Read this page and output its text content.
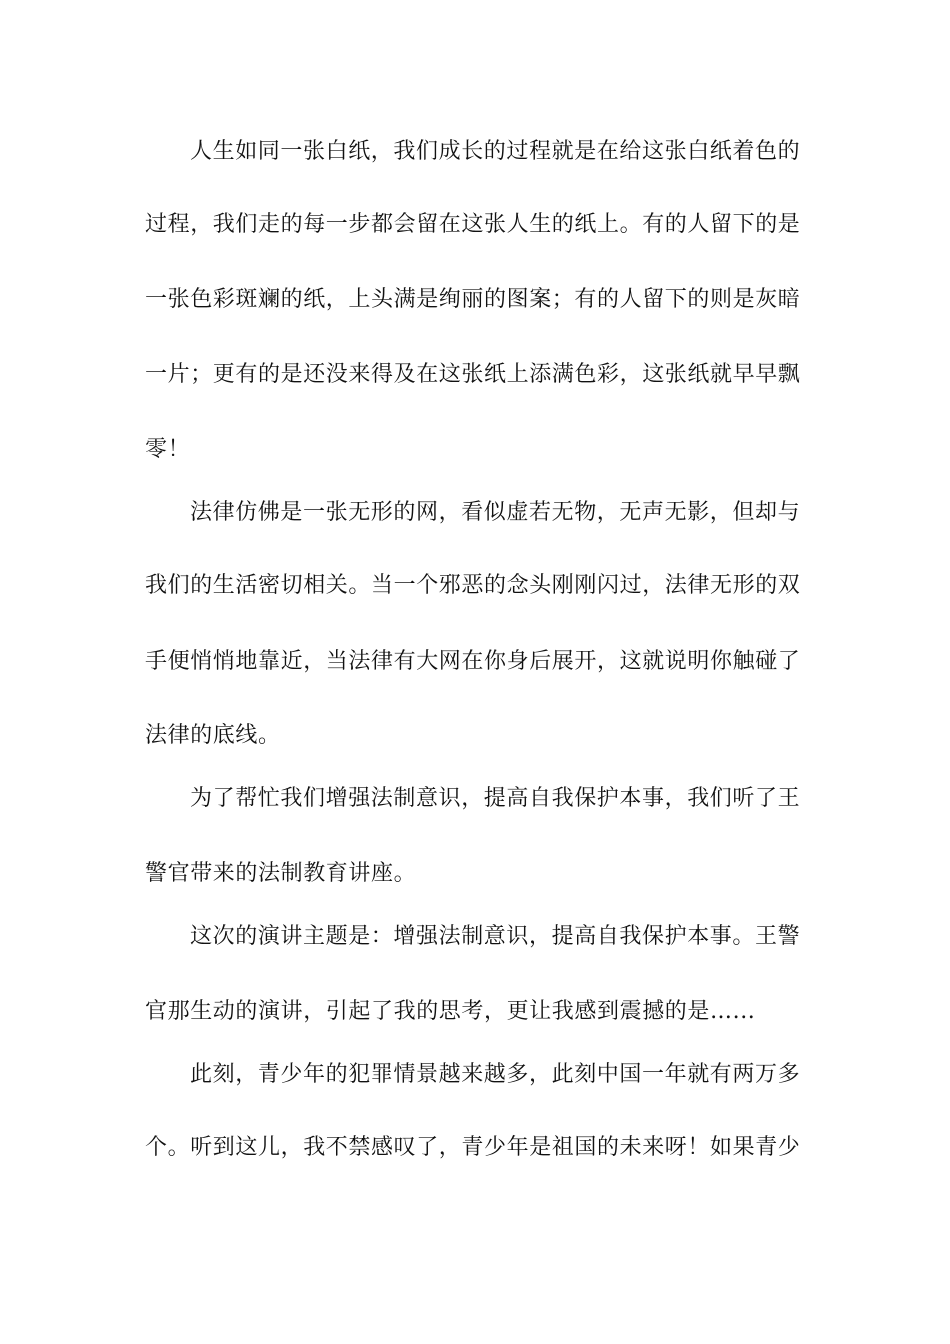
人生如同一张白纸，我们成长的过程就是在给这张白纸着色的
过程，我们走的每一步都会留在这张人生的纸上。有的人留下的是
一张色彩斑斓的纸，上头满是绚丽的图案；有的人留下的则是灰暗
一片；更有的是还没来得及在这张纸上添满色彩，这张纸就早早飘
零！
法律仿佛是一张无形的网，看似虚若无物，无声无影，但却与
我们的生活密切相关。当一个邪恶的念头刚刚闪过，法律无形的双
手便悄悄地靠近，当法律有大网在你身后展开，这就说明你触碰了
法律的底线。
为了帮忙我们增强法制意识，提高自我保护本事，我们听了王
警官带来的法制教育讲座。
这次的演讲主题是：增强法制意识，提高自我保护本事。王警
官那生动的演讲，引起了我的思考，更让我感到震撼的是…...
此刻，青少年的犯罪情景越来越多，此刻中国一年就有两万多
个。听到这儿，我不禁感叹了，青少年是祖国的未来呀！如果青少
